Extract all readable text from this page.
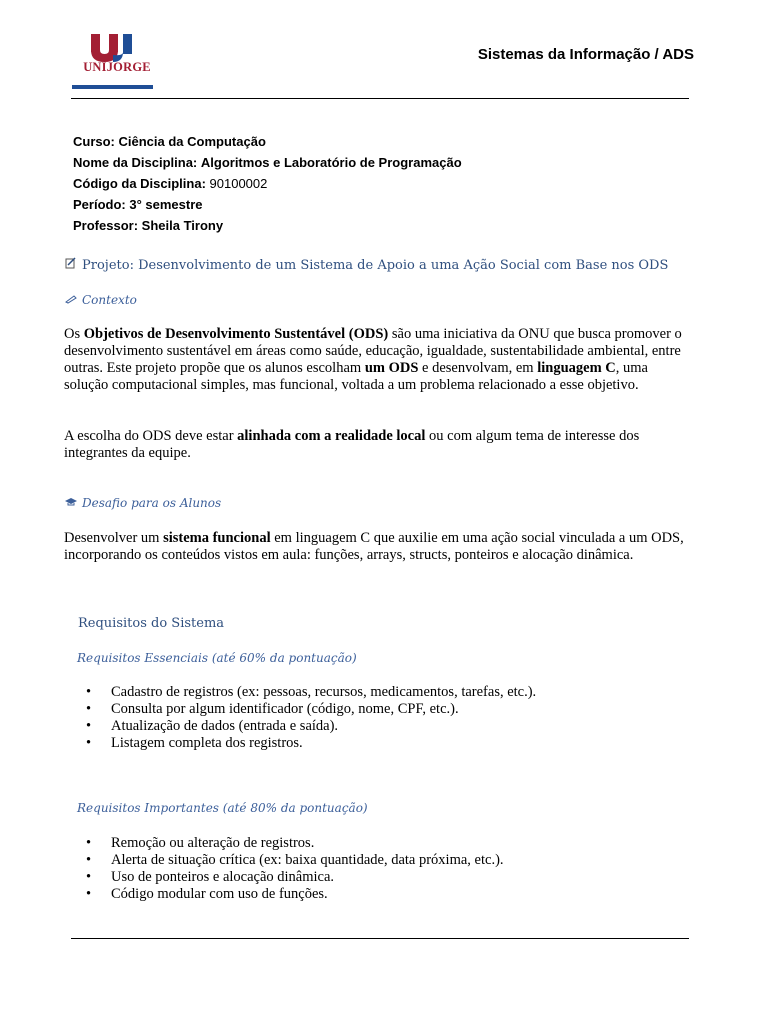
UNIJORGE
Sistemas da Informação / ADS
Curso: Ciência da Computação
Nome da Disciplina: Algoritmos e Laboratório de Programação
Código da Disciplina: 90100002
Período: 3° semestre
Professor: Sheila Tirony
Projeto: Desenvolvimento de um Sistema de Apoio a uma Ação Social com Base nos ODS
Contexto
Os Objetivos de Desenvolvimento Sustentável (ODS) são uma iniciativa da ONU que busca promover o desenvolvimento sustentável em áreas como saúde, educação, igualdade, sustentabilidade ambiental, entre outras. Este projeto propõe que os alunos escolham um ODS e desenvolvam, em linguagem C, uma solução computacional simples, mas funcional, voltada a um problema relacionado a esse objetivo.
A escolha do ODS deve estar alinhada com a realidade local ou com algum tema de interesse dos integrantes da equipe.
Desafio para os Alunos
Desenvolver um sistema funcional em linguagem C que auxilie em uma ação social vinculada a um ODS, incorporando os conteúdos vistos em aula: funções, arrays, structs, ponteiros e alocação dinâmica.
Requisitos do Sistema
Requisitos Essenciais (até 60% da pontuação)
• Cadastro de registros (ex: pessoas, recursos, medicamentos, tarefas, etc.).
• Consulta por algum identificador (código, nome, CPF, etc.).
• Atualização de dados (entrada e saída).
• Listagem completa dos registros.
Requisitos Importantes (até 80% da pontuação)
• Remoção ou alteração de registros.
• Alerta de situação crítica (ex: baixa quantidade, data próxima, etc.).
• Uso de ponteiros e alocação dinâmica.
• Código modular com uso de funções.
